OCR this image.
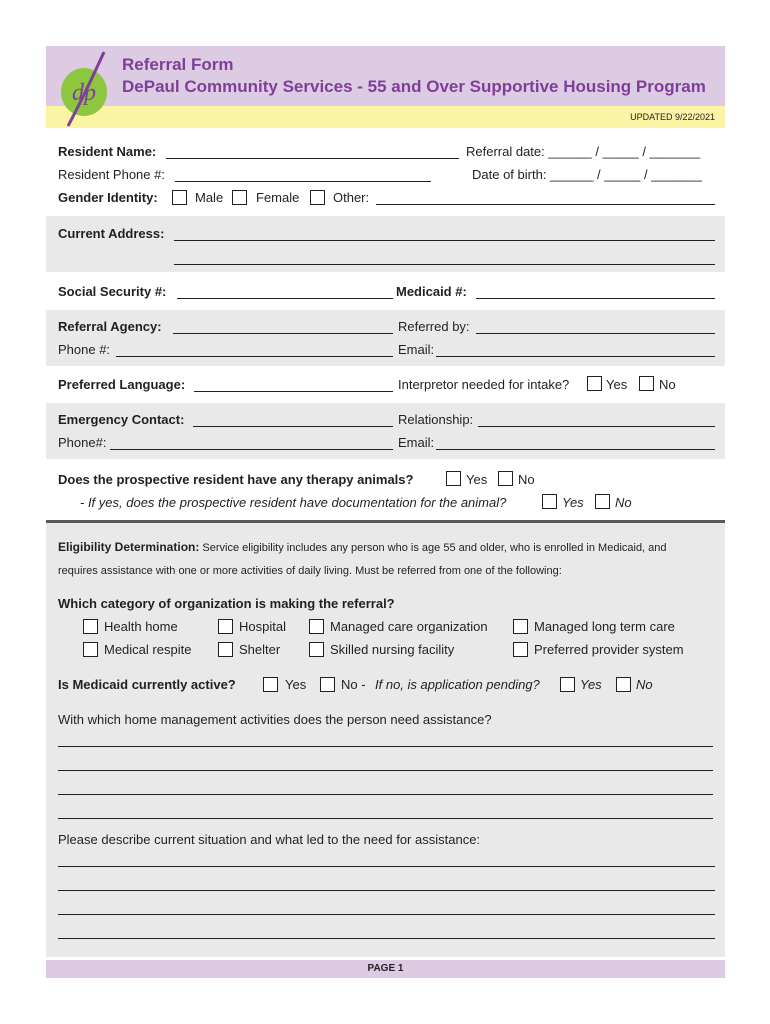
dp
Referral Form
DePaul Community Services - 55 and Over Supportive Housing Program
UPDATED 9/22/2021
Resident Name:	Referral date: ______ / _____ / _______
Resident Phone #:	Date of birth: ______ / _____ / _______
Gender Identity:	Male	Female	Other:
Current Address:
Social Security #:	Medicaid #:
Referral Agency:	Referred by:
Phone #:	Email:
Preferred Language:	Interpretor needed for intake?	Yes No
Emergency Contact:	Relationship:
Phone#:	Email:
Does the prospective resident have any therapy animals?	Yes No
- If yes, does the prospective resident have documentation for the animal?	Yes No
Eligibility Determination: Service eligibility includes any person who is age 55 and older, who is enrolled in Medicaid, and
requires assistance with one or more activities of daily living. Must be referred from one of the following:
Which category of organization is making the referral?
Health home	Hospital	Managed care organization	Managed long term care
Medical respite	Shelter	Skilled nursing facility	Preferred provider system
Is Medicaid currently active?	Yes	No - If no, is application pending?	Yes	No
With which home management activities does the person need assistance?
Please describe current situation and what led to the need for assistance:
PAGE 1
